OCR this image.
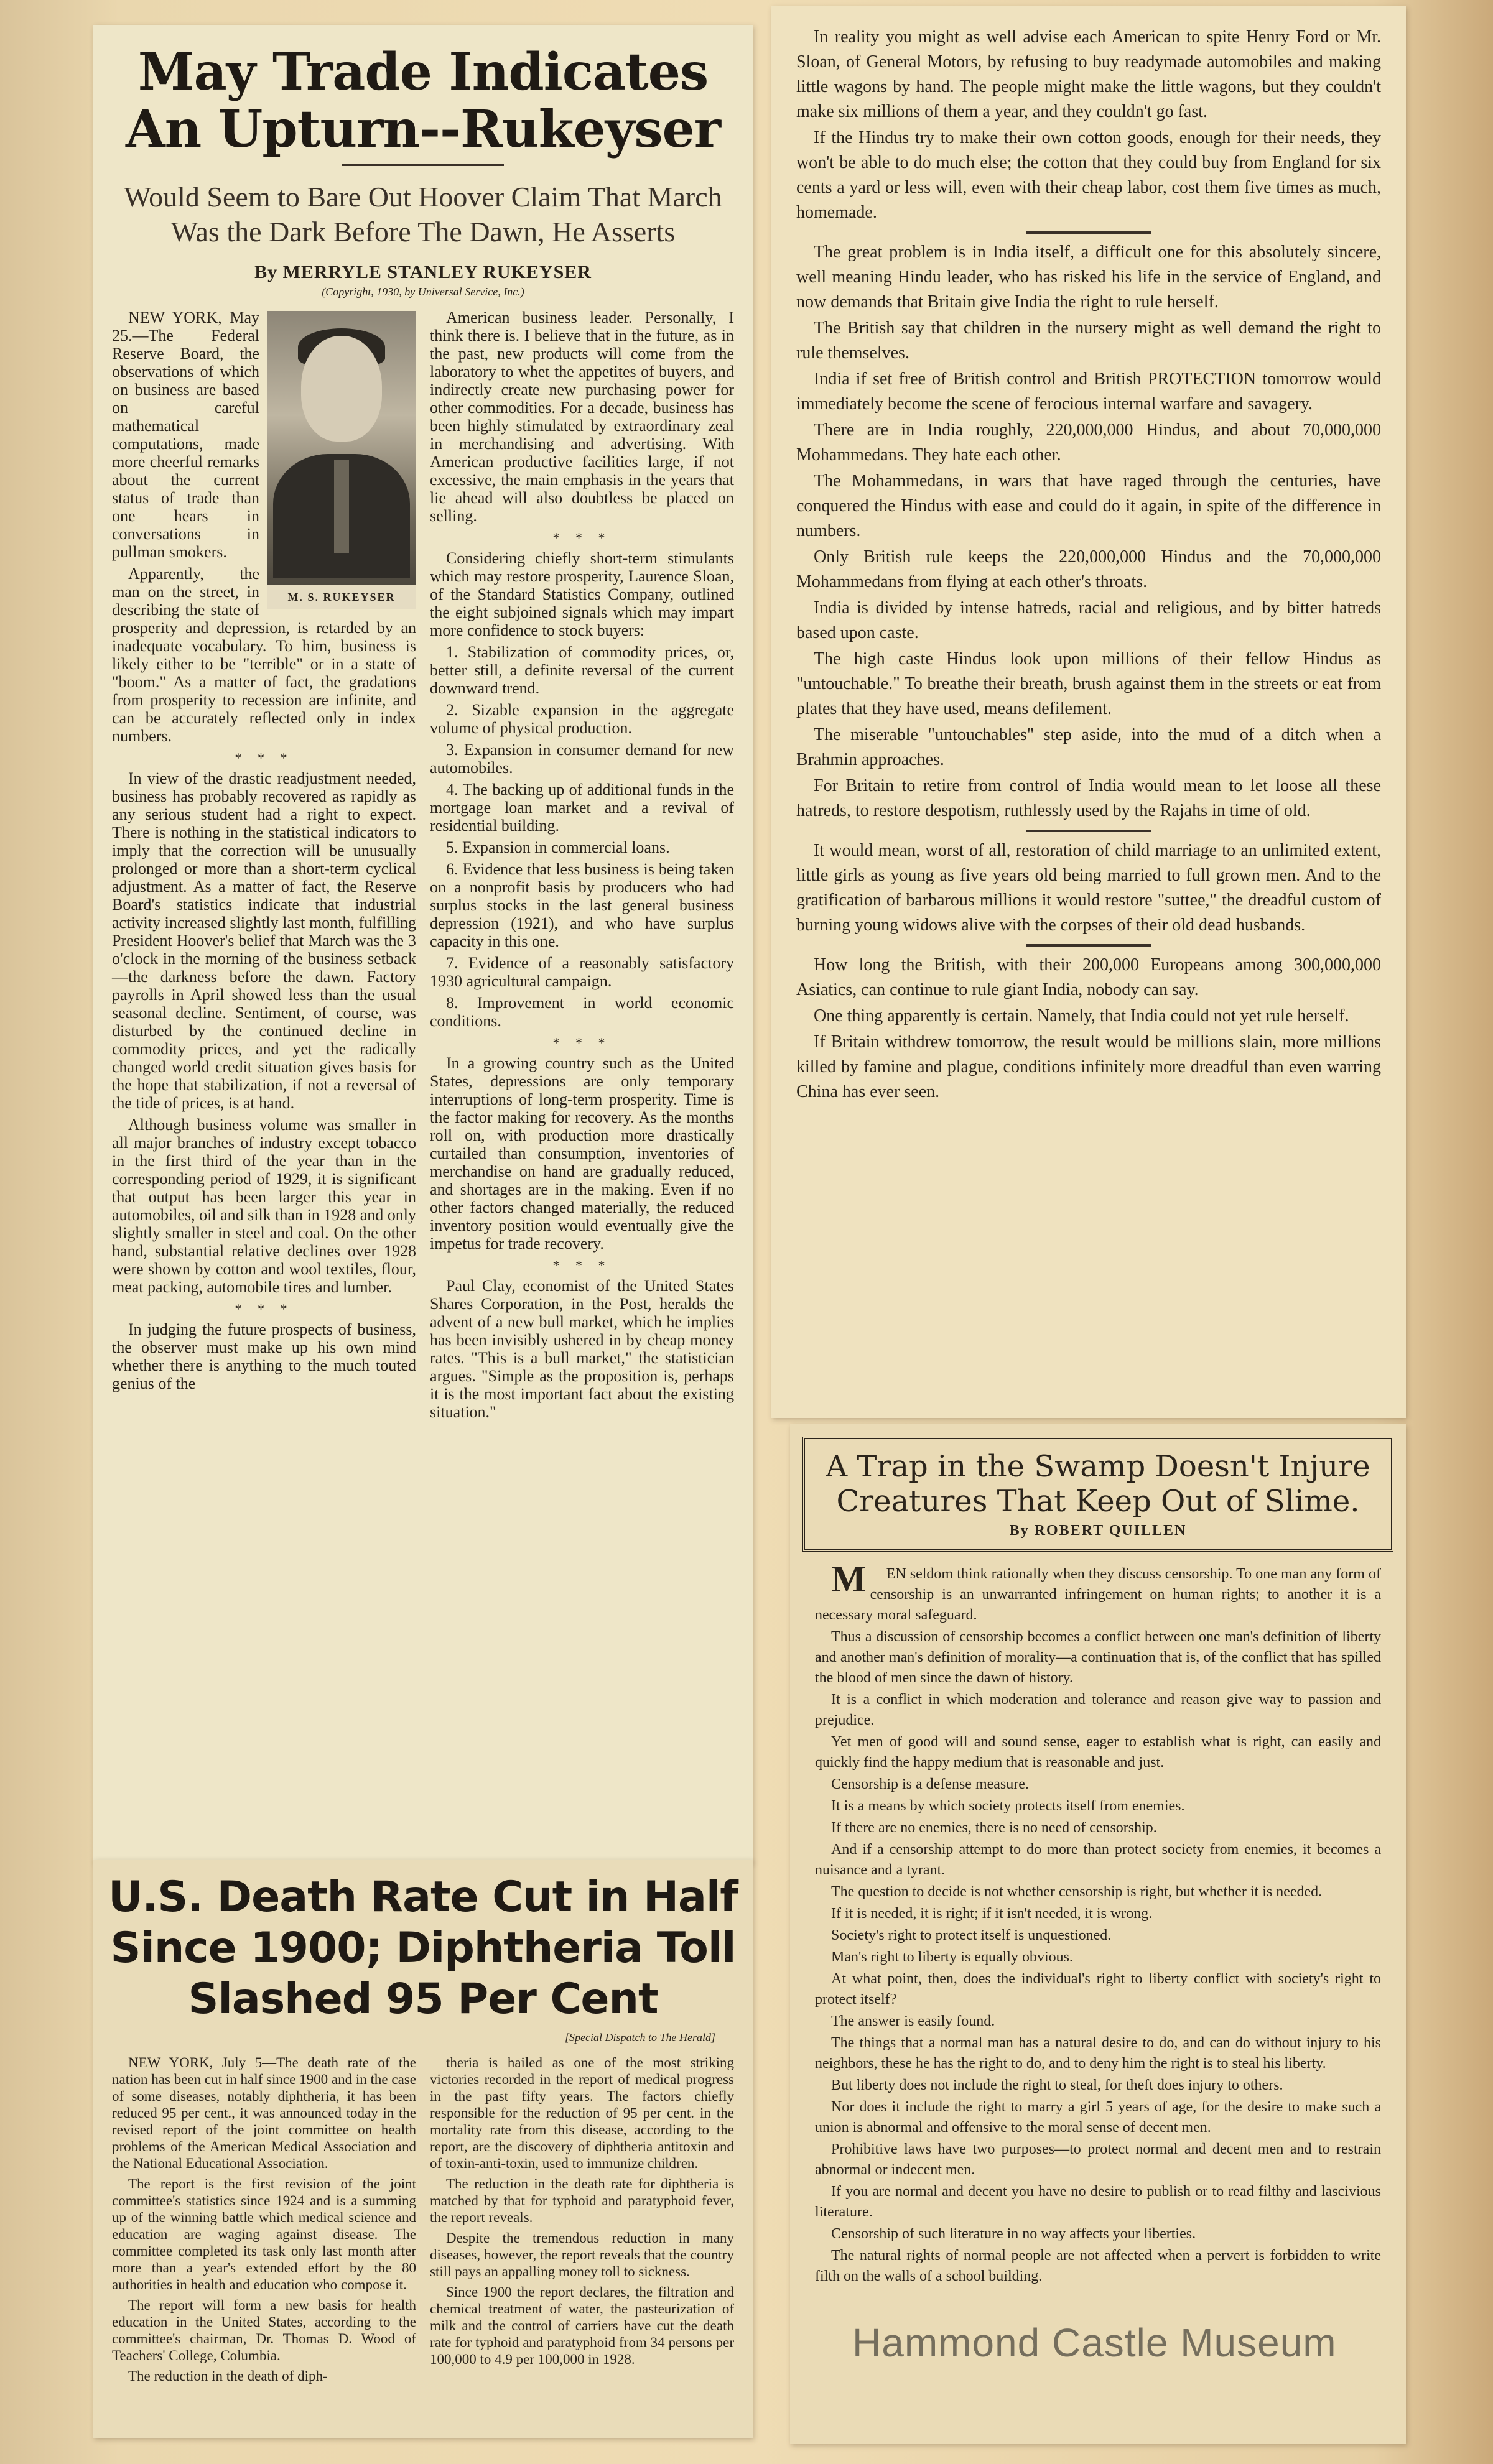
May Trade Indicates An Upturn--Rukeyser
Would Seem to Bare Out Hoover Claim That March Was the Dark Before The Dawn, He Asserts
By MERRYLE STANLEY RUKEYSER
(Copyright, 1930, by Universal Service, Inc.)
M. S. RUKEYSER

NEW YORK, May 25.—The Federal Reserve Board, the observations of which on business are based on careful mathematical computations, made more cheerful remarks about the current status of trade than one hears in conversations in pullman smokers.

Apparently, the man on the street, in describing the state of prosperity and depression, is retarded by an inadequate vocabulary. To him, business is likely either to be "terrible" or in a state of "boom." As a matter of fact, the gradations from prosperity to recession are infinite, and can be accurately reflected only in index numbers.

* * *

In view of the drastic readjustment needed, business has probably recovered as rapidly as any serious student had a right to expect. There is nothing in the statistical indicators to imply that the correction will be unusually prolonged or more than a short-term cyclical adjustment. As a matter of fact, the Reserve Board's statistics indicate that industrial activity increased slightly last month, fulfilling President Hoover's belief that March was the 3 o'clock in the morning of the business setback—the darkness before the dawn. Factory payrolls in April showed less than the usual seasonal decline. Sentiment, of course, was disturbed by the continued decline in commodity prices, and yet the radically changed world credit situation gives basis for the hope that stabilization, if not a reversal of the tide of prices, is at hand.

Although business volume was smaller in all major branches of industry except tobacco in the first third of the year than in the corresponding period of 1929, it is significant that output has been larger this year in automobiles, oil and silk than in 1928 and only slightly smaller in steel and coal. On the other hand, substantial relative declines over 1928 were shown by cotton and wool textiles, flour, meat packing, automobile tires and lumber.

* * *

In judging the future prospects of business, the observer must make up his own mind whether there is anything to the much touted genius of the

American business leader. Personally, I think there is. I believe that in the future, as in the past, new products will come from the laboratory to whet the appetites of buyers, and indirectly create new purchasing power for other commodities. For a decade, business has been highly stimulated by extraordinary zeal in merchandising and advertising. With American productive facilities large, if not excessive, the main emphasis in the years that lie ahead will also doubtless be placed on selling.

* * *

Considering chiefly short-term stimulants which may restore prosperity, Laurence Sloan, of the Standard Statistics Company, outlined the eight subjoined signals which may impart more confidence to stock buyers:

1. Stabilization of commodity prices, or, better still, a definite reversal of the current downward trend.

2. Sizable expansion in the aggregate volume of physical production.

3. Expansion in consumer demand for new automobiles.

4. The backing up of additional funds in the mortgage loan market and a revival of residential building.

5. Expansion in commercial loans.

6. Evidence that less business is being taken on a nonprofit basis by producers who had surplus stocks in the last general business depression (1921), and who have surplus capacity in this one.

7. Evidence of a reasonably satisfactory 1930 agricultural campaign.

8. Improvement in world economic conditions.

* * *

In a growing country such as the United States, depressions are only temporary interruptions of long-term prosperity. Time is the factor making for recovery. As the months roll on, with production more drastically curtailed than consumption, inventories of merchandise on hand are gradually reduced, and shortages are in the making. Even if no other factors changed materially, the reduced inventory position would eventually give the impetus for trade recovery.

* * *

Paul Clay, economist of the United States Shares Corporation, in the Post, heralds the advent of a new bull market, which he implies has been invisibly ushered in by cheap money rates. "This is a bull market," the statistician argues. "Simple as the proposition is, perhaps it is the most important fact about the existing situation."

U.S. Death Rate Cut in Half Since 1900; Diphtheria Toll Slashed 95 Per Cent
[Special Dispatch to The Herald]

NEW YORK, July 5—The death rate of the nation has been cut in half since 1900 and in the case of some diseases, notably diphtheria, it has been reduced 95 per cent., it was announced today in the revised report of the joint committee on health problems of the American Medical Association and the National Educational Association.

The report is the first revision of the joint committee's statistics since 1924 and is a summing up of the winning battle which medical science and education are waging against disease. The committee completed its task only last month after more than a year's extended effort by the 80 authorities in health and education who compose it.

The report will form a new basis for health education in the United States, according to the committee's chairman, Dr. Thomas D. Wood of Teachers' College, Columbia.

The reduction in the death of diph-

theria is hailed as one of the most striking victories recorded in the report of medical progress in the past fifty years. The factors chiefly responsible for the reduction of 95 per cent. in the mortality rate from this disease, according to the report, are the discovery of diphtheria antitoxin and of toxin-anti-toxin, used to immunize children.

The reduction in the death rate for diphtheria is matched by that for typhoid and paratyphoid fever, the report reveals.

Despite the tremendous reduction in many diseases, however, the report reveals that the country still pays an appalling money toll to sickness.

Since 1900 the report declares, the filtration and chemical treatment of water, the pasteurization of milk and the control of carriers have cut the death rate for typhoid and paratyphoid from 34 persons per 100,000 to 4.9 per 100,000 in 1928.

In reality you might as well advise each American to spite Henry Ford or Mr. Sloan, of General Motors, by refusing to buy readymade automobiles and making little wagons by hand. The people might make the little wagons, but they couldn't make six millions of them a year, and they couldn't go fast.

If the Hindus try to make their own cotton goods, enough for their needs, they won't be able to do much else; the cotton that they could buy from England for six cents a yard or less will, even with their cheap labor, cost them five times as much, homemade.

The great problem is in India itself, a difficult one for this absolutely sincere, well meaning Hindu leader, who has risked his life in the service of England, and now demands that Britain give India the right to rule herself.

The British say that children in the nursery might as well demand the right to rule themselves.

India if set free of British control and British PROTECTION tomorrow would immediately become the scene of ferocious internal warfare and savagery.

There are in India roughly, 220,000,000 Hindus, and about 70,000,000 Mohammedans. They hate each other.

The Mohammedans, in wars that have raged through the centuries, have conquered the Hindus with ease and could do it again, in spite of the difference in numbers.

Only British rule keeps the 220,000,000 Hindus and the 70,000,000 Mohammedans from flying at each other's throats.

India is divided by intense hatreds, racial and religious, and by bitter hatreds based upon caste.

The high caste Hindus look upon millions of their fellow Hindus as "untouchable." To breathe their breath, brush against them in the streets or eat from plates that they have used, means defilement.

The miserable "untouchables" step aside, into the mud of a ditch when a Brahmin approaches.

For Britain to retire from control of India would mean to let loose all these hatreds, to restore despotism, ruthlessly used by the Rajahs in time of old.

It would mean, worst of all, restoration of child marriage to an unlimited extent, little girls as young as five years old being married to full grown men. And to the gratification of barbarous millions it would restore "suttee," the dreadful custom of burning young widows alive with the corpses of their old dead husbands.

How long the British, with their 200,000 Europeans among 300,000,000 Asiatics, can continue to rule giant India, nobody can say.

One thing apparently is certain. Namely, that India could not yet rule herself.

If Britain withdrew tomorrow, the result would be millions slain, more millions killed by famine and plague, conditions infinitely more dreadful than even warring China has ever seen.

A Trap in the Swamp Doesn't Injure Creatures That Keep Out of Slime.
By ROBERT QUILLEN

MEN seldom think rationally when they discuss censorship. To one man any form of censorship is an unwarranted infringement on human rights; to another it is a necessary moral safeguard.

Thus a discussion of censorship becomes a conflict between one man's definition of liberty and another man's definition of morality—a continuation that is, of the conflict that has spilled the blood of men since the dawn of history.

It is a conflict in which moderation and tolerance and reason give way to passion and prejudice.

Yet men of good will and sound sense, eager to establish what is right, can easily and quickly find the happy medium that is reasonable and just.

Censorship is a defense measure.

It is a means by which society protects itself from enemies.

If there are no enemies, there is no need of censorship.

And if a censorship attempt to do more than protect society from enemies, it becomes a nuisance and a tyrant.

The question to decide is not whether censorship is right, but whether it is needed.

If it is needed, it is right; if it isn't needed, it is wrong.

Society's right to protect itself is unquestioned.

Man's right to liberty is equally obvious.

At what point, then, does the individual's right to liberty conflict with society's right to protect itself?

The answer is easily found.

The things that a normal man has a natural desire to do, and can do without injury to his neighbors, these he has the right to do, and to deny him the right is to steal his liberty.

But liberty does not include the right to steal, for theft does injury to others.

Nor does it include the right to marry a girl 5 years of age, for the desire to make such a union is abnormal and offensive to the moral sense of decent men.

Prohibitive laws have two purposes—to protect normal and decent men and to restrain abnormal or indecent men.

If you are normal and decent you have no desire to publish or to read filthy and lascivious literature.

Censorship of such literature in no way affects your liberties.

The natural rights of normal people are not affected when a pervert is forbidden to write filth on the walls of a school building.

Hammond Castle Museum
